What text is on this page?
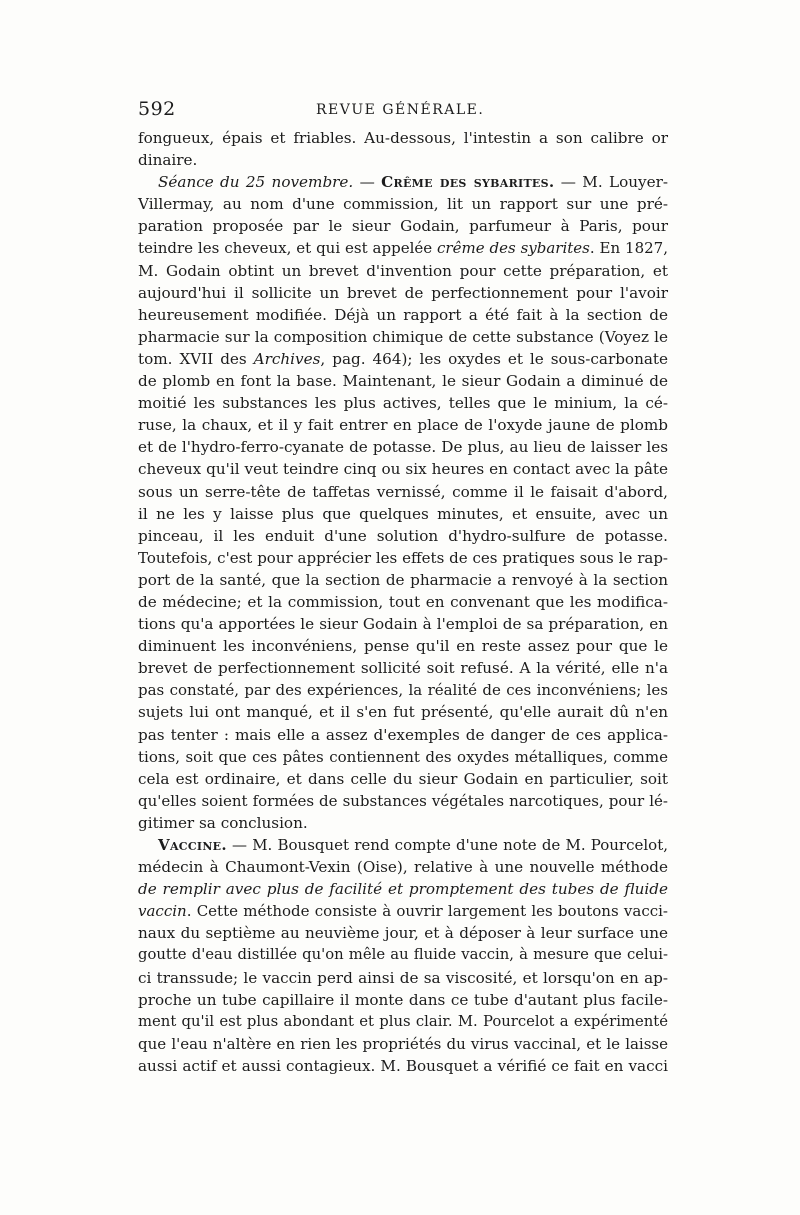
592	REVUE GÉNÉRALE.
fongueux, épais et friables. Au-dessous, l'intestin a son calibre or
dinaire.
Séance du 25 novembre. — Crême des sybarites. — M. Louyer-
Villermay, au nom d'une commission, lit un rapport sur une pré-
paration proposée par le sieur Godain, parfumeur à Paris, pour
teindre les cheveux, et qui est appelée crême des sybarites. En 1827,
M. Godain obtint un brevet d'invention pour cette préparation, et
aujourd'hui il sollicite un brevet de perfectionnement pour l'avoir
heureusement modifiée. Déjà un rapport a été fait à la section de
pharmacie sur la composition chimique de cette substance (Voyez le
tom. XVII des Archives, pag. 464); les oxydes et le sous-carbonate
de plomb en font la base. Maintenant, le sieur Godain a diminué de
moitié les substances les plus actives, telles que le minium, la cé-
ruse, la chaux, et il y fait entrer en place de l'oxyde jaune de plomb
et de l'hydro-ferro-cyanate de potasse. De plus, au lieu de laisser les
cheveux qu'il veut teindre cinq ou six heures en contact avec la pâte
sous un serre-tête de taffetas vernissé, comme il le faisait d'abord,
il ne les y laisse plus que quelques minutes, et ensuite, avec un
pinceau, il les enduit d'une solution d'hydro-sulfure de potasse.
Toutefois, c'est pour apprécier les effets de ces pratiques sous le rap-
port de la santé, que la section de pharmacie a renvoyé à la section
de médecine; et la commission, tout en convenant que les modifica-
tions qu'a apportées le sieur Godain à l'emploi de sa préparation, en
diminuent les inconvéniens, pense qu'il en reste assez pour que le
brevet de perfectionnement sollicité soit refusé. A la vérité, elle n'a
pas constaté, par des expériences, la réalité de ces inconvéniens; les
sujets lui ont manqué, et il s'en fut présenté, qu'elle aurait dû n'en
pas tenter : mais elle a assez d'exemples de danger de ces applica-
tions, soit que ces pâtes contiennent des oxydes métalliques, comme
cela est ordinaire, et dans celle du sieur Godain en particulier, soit
qu'elles soient formées de substances végétales narcotiques, pour lé-
gitimer sa conclusion.
Vaccine. — M. Bousquet rend compte d'une note de M. Pourcelot,
médecin à Chaumont-Vexin (Oise), relative à une nouvelle méthode
de remplir avec plus de facilité et promptement des tubes de fluide
vaccin. Cette méthode consiste à ouvrir largement les boutons vacci-
naux du septième au neuvième jour, et à déposer à leur surface une
goutte d'eau distillée qu'on mêle au fluide vaccin, à mesure que celui-
ci transsude; le vaccin perd ainsi de sa viscosité, et lorsqu'on en ap-
proche un tube capillaire il monte dans ce tube d'autant plus facile-
ment qu'il est plus abondant et plus clair. M. Pourcelot a expérimenté
que l'eau n'altère en rien les propriétés du virus vaccinal, et le laisse
aussi actif et aussi contagieux. M. Bousquet a vérifié ce fait en vacci
